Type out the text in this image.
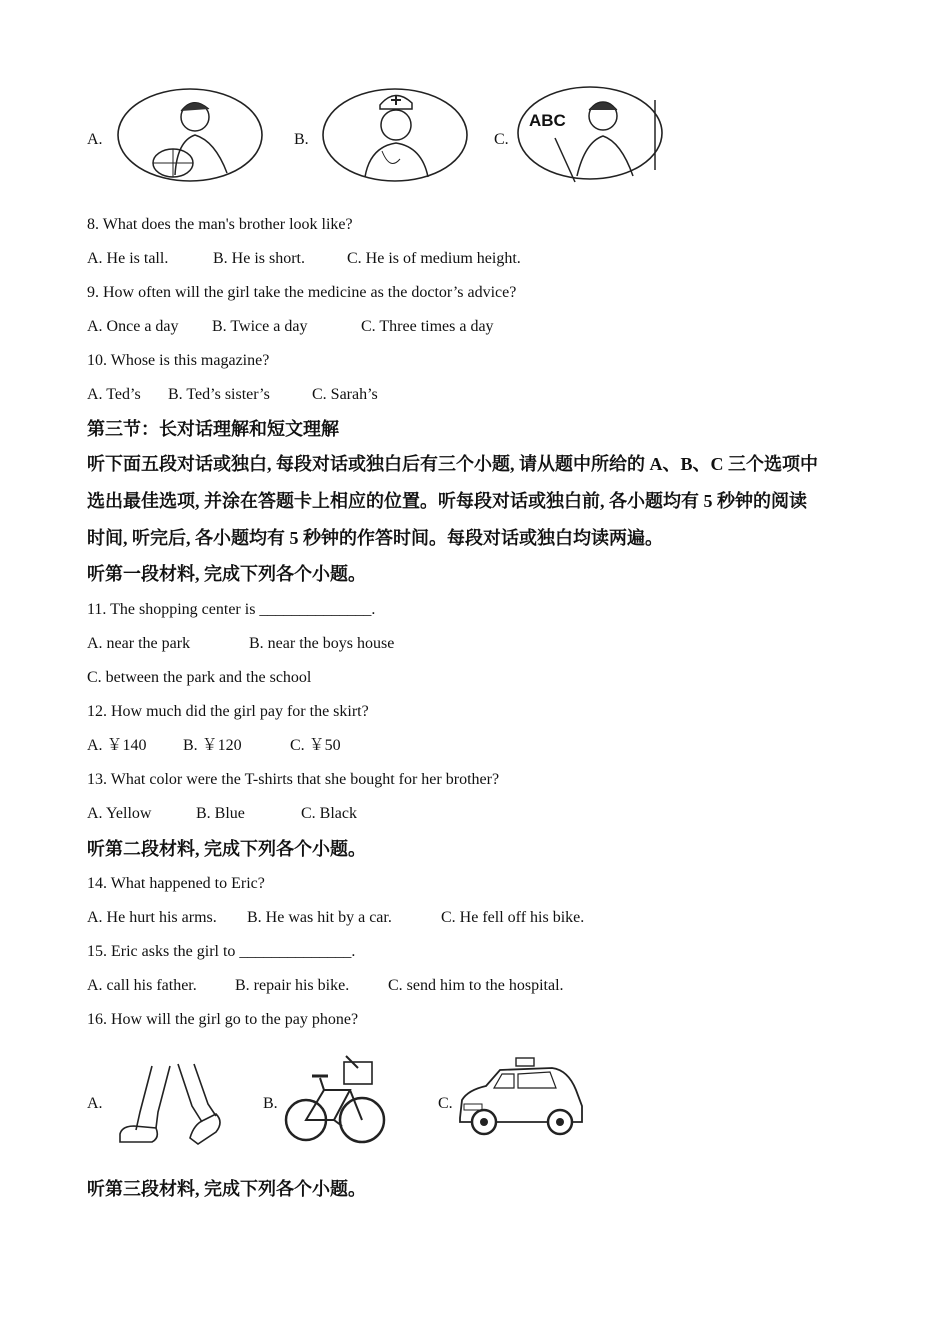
A.	B.	C.
ABC
8. What does the man's brother look like?
A. He is tall.	B. He is short.	C. He is of medium height.
9. How often will the girl take the medicine as the doctor’s advice?
A. Once a day B. Twice a day	C. Three times a day
10. Whose is this magazine?
A. Ted’s B. Ted’s sister’s	C. Sarah’s
第三节：长对话理解和短文理解
听下面五段对话或独白, 每段对话或独白后有三个小题, 请从题中所给的 A、B、C 三个选项中
选出最佳选项, 并涂在答题卡上相应的位置。听每段对话或独白前, 各小题均有 5 秒钟的阅读
时间, 听完后, 各小题均有 5 秒钟的作答时间。每段对话或独白均读两遍。
听第一段材料, 完成下列各个小题。
11. The shopping center is ______________.
A. near the park	B. near the boys house
C. between the park and the school
12. How much did the girl pay for the skirt?
A. ￥140 B. ￥120	C. ￥50
13. What color were the T-shirts that she bought for her brother?
A. Yellow	B. Blue	C. Black
听第二段材料, 完成下列各个小题。
14. What happened to Eric?
A. He hurt his arms. B. He was hit by a car.	C. He fell off his bike.
15. Eric asks the girl to ______________.
A. call his father. B. repair his bike. C. send him to the hospital.
16. How will the girl go to the pay phone?
A.	B.	C.
听第三段材料, 完成下列各个小题。
